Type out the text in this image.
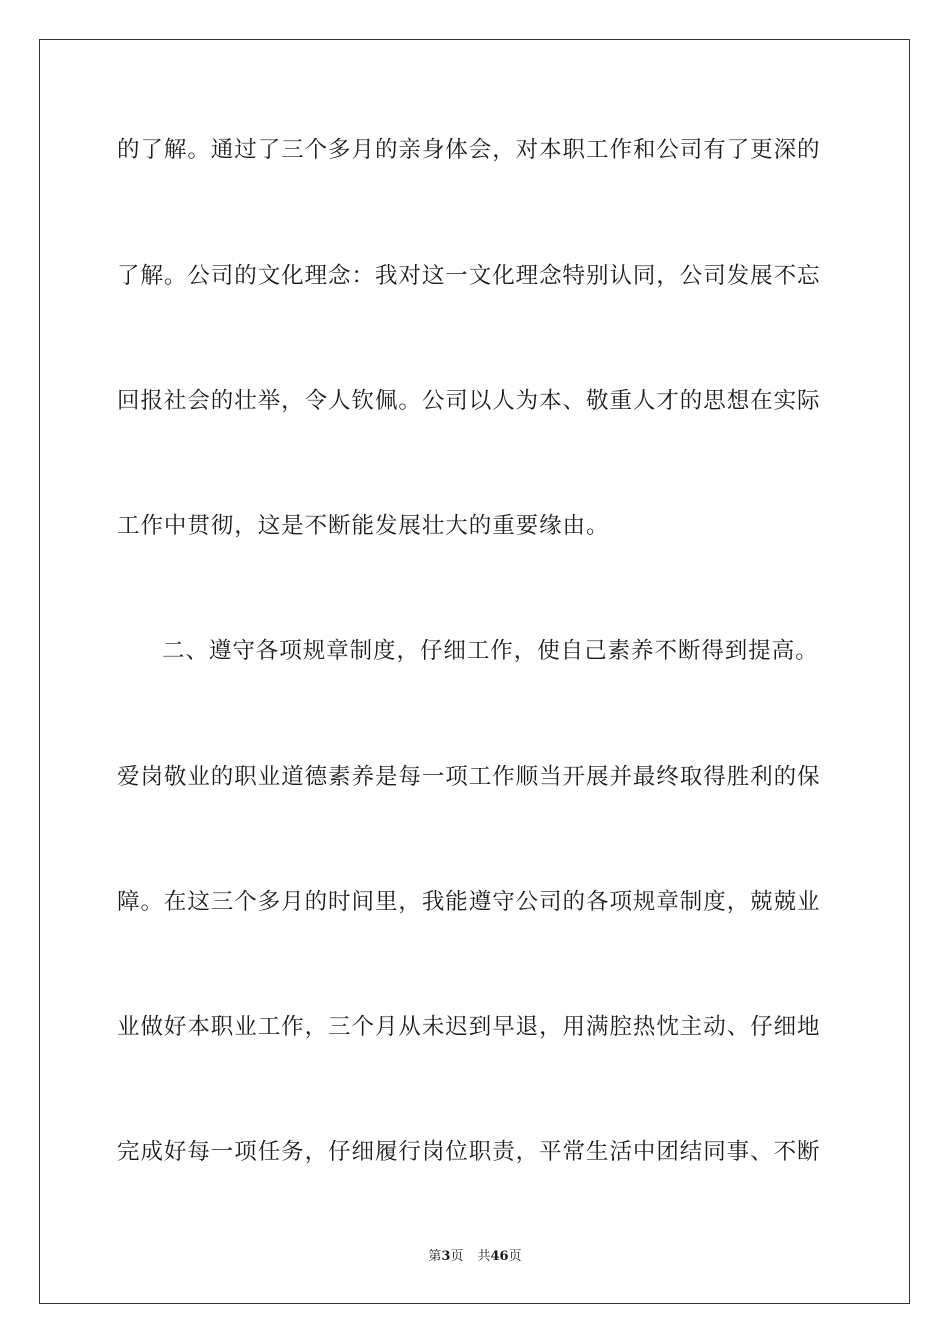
的了解。通过了三个多月的亲身体会，对本职工作和公司有了更深的
了解。公司的文化理念：我对这一文化理念特别认同，公司发展不忘
回报社会的壮举，令人钦佩。公司以人为本、敬重人才的思想在实际
工作中贯彻，这是不断能发展壮大的重要缘由。
二、遵守各项规章制度，仔细工作，使自己素养不断得到提高。
爱岗敬业的职业道德素养是每一项工作顺当开展并最终取得胜利的保
障。在这三个多月的时间里，我能遵守公司的各项规章制度，兢兢业
业做好本职业工作，三个月从未迟到早退，用满腔热忱主动、仔细地
完成好每一项任务，仔细履行岗位职责，平常生活中团结同事、不断
第3页 共46页
